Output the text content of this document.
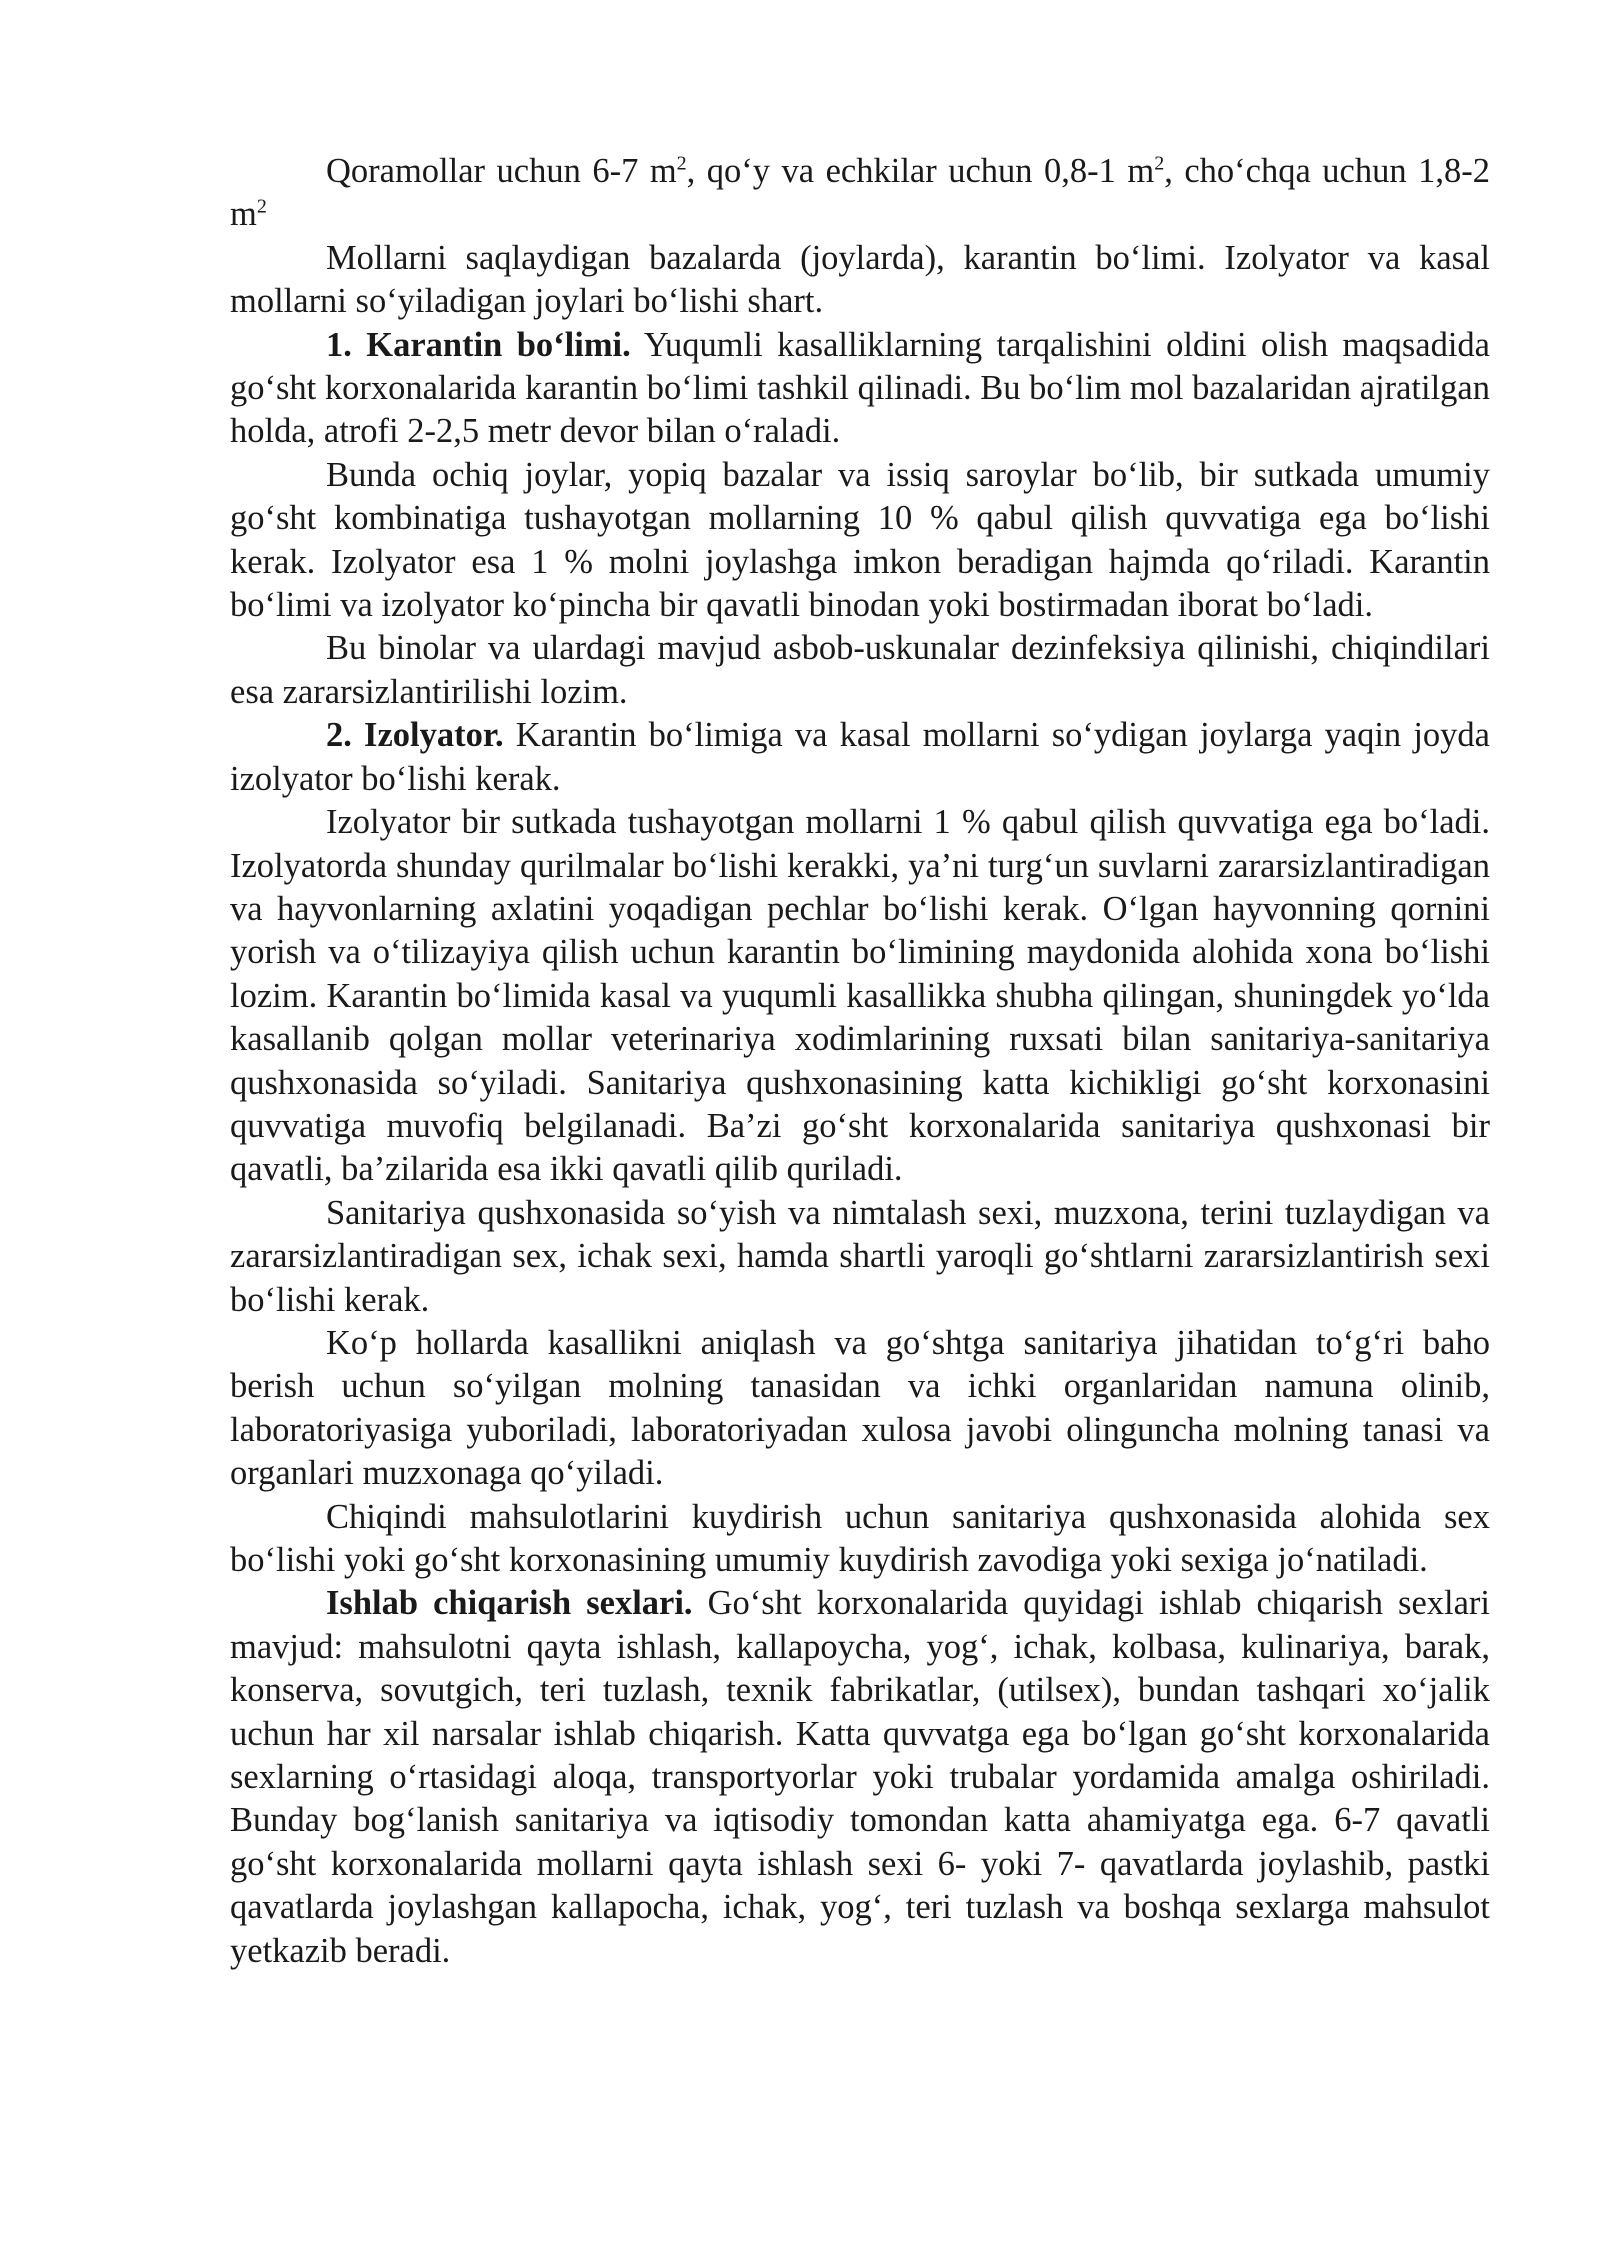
Qoramollar uchun 6-7 $m^2$, qo‘y va echkilar uchun 0,8-1 $m^2$, cho‘chqa uchun 1,8-2 $m^2$

Mollarni saqlaydigan bazalarda (joylarda), karantin bo‘limi. Izolyator va kasal mollarni so‘yiladigan joylari bo‘lishi shart.

1. Karantin bo‘limi. Yuqumli kasalliklarning tarqalishini oldini olish maqsadida go‘sht korxonalarida karantin bo‘limi tashkil qilinadi. Bu bo‘lim mol bazalaridan ajratilgan holda, atrofi 2-2,5 metr devor bilan o‘raladi.

Bunda ochiq joylar, yopiq bazalar va issiq saroylar bo‘lib, bir sutkada umumiy go‘sht kombinatiga tushayotgan mollarning 10 % qabul qilish quvvatiga ega bo‘lishi kerak. Izolyator esa 1 % molni joylashga imkon beradigan hajmda qo‘riladi. Karantin bo‘limi va izolyator ko‘pincha bir qavatli binodan yoki bostirmadan iborat bo‘ladi.

Bu binolar va ulardagi mavjud asbob-uskunalar dezinfeksiya qilinishi, chiqindilari esa zararsizlantirilishi lozim.

2. Izolyator. Karantin bo‘limiga va kasal mollarni so‘ydigan joylarga yaqin joyda izolyator bo‘lishi kerak.

Izolyator bir sutkada tushayotgan mollarni 1 % qabul qilish quvvatiga ega bo‘ladi. Izolyatorda shunday qurilmalar bo‘lishi kerakki, ya’ni turg‘un suvlarni zararsizlantiradigan va hayvonlarning axlatini yoqadigan pechlar bo‘lishi kerak. O‘lgan hayvonning qornini yorish va o‘tilizayiya qilish uchun karantin bo‘limining maydonida alohida xona bo‘lishi lozim. Karantin bo‘limida kasal va yuqumli kasallikka shubha qilingan, shuningdek yo‘lda kasallanib qolgan mollar veterinariya xodimlarining ruxsati bilan sanitariya-sanitariya qushxonasida so‘yiladi. Sanitariya qushxonasining katta kichikligi go‘sht korxonasini quvvatiga muvofiq belgilanadi. Ba’zi go‘sht korxonalarida sanitariya qushxonasi bir qavatli, ba’zilarida esa ikki qavatli qilib quriladi.

Sanitariya qushxonasida so‘yish va nimtalash sexi, muzxona, terini tuzlaydigan va zararsizlantiradigan sex, ichak sexi, hamda shartli yaroqli go‘shtlarni zararsizlantirish sexi bo‘lishi kerak.

Ko‘p hollarda kasallikni aniqlash va go‘shtga sanitariya jihatidan to‘g‘ri baho berish uchun so‘yilgan molning tanasidan va ichki organlaridan namuna olinib, laboratoriyasiga yuboriladi, laboratoriyadan xulosa javobi olinguncha molning tanasi va organlari muzxonaga qo‘yiladi.

Chiqindi mahsulotlarini kuydirish uchun sanitariya qushxonasida alohida sex bo‘lishi yoki go‘sht korxonasining umumiy kuydirish zavodiga yoki sexiga jo‘natiladi.

Ishlab chiqarish sexlari. Go‘sht korxonalarida quyidagi ishlab chiqarish sexlari mavjud: mahsulotni qayta ishlash, kallapoycha, yog‘, ichak, kolbasa, kulinariya, barak, konserva, sovutgich, teri tuzlash, texnik fabrikatlar, (utilsex), bundan tashqari xo‘jalik uchun har xil narsalar ishlab chiqarish. Katta quvvatga ega bo‘lgan go‘sht korxonalarida sexlarning o‘rtasidagi aloqa, transportyorlar yoki trubalar yordamida amalga oshiriladi. Bunday bog‘lanish sanitariya va iqtisodiy tomondan katta ahamiyatga ega. 6-7 qavatli go‘sht korxonalarida mollarni qayta ishlash sexi 6- yoki 7- qavatlarda joylashib, pastki qavatlarda joylashgan kallapocha, ichak, yog‘, teri tuzlash va boshqa sexlarga mahsulot yetkazib beradi.
